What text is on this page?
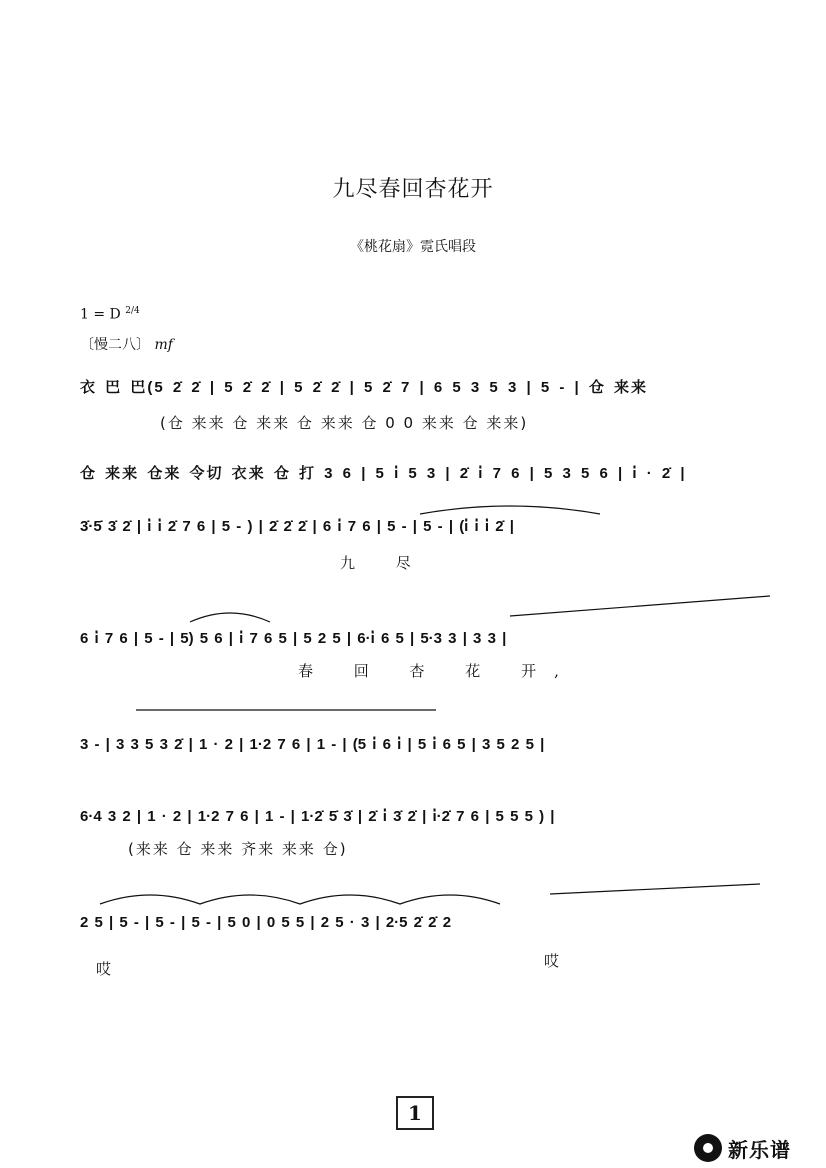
九尽春回杏花开
《桃花扇》霓氏唱段
1 = D $^{2/4}$
〔慢二八〕 mf
衣 巴 巴(5 2̇ 2̇ | 5 2̇ 2̇ | 5 2̇ 2̇ | 5 2̇ 7 | 6 5 3 5 3 | 5 - | 仓 来来
(仓 来来 仓 来来 仓 来来 仓 0 0 来来 仓 来来)
仓 来来 仓来 令切 衣来 仓 打 3 6 | 5 i̇ 5 3 | 2̇ i̇ 7 6 | 5 3 5 6 | i̇ · 2̇ |
3̇·5̇ 3̇ 2̇ | i̇ i̇ 2̇ 7 6 | 5 - ) | 2̇ 2̇ 2̇ | 6 i̇ 7 6 | 5 - | 5 - | (i̇ i̇ i̇ 2̇ |
九 尽
6 i̇ 7 6 | 5 - | 5) 5 6 | i̇ 7 6 5 | 5 2 5 | 6·i̇ 6 5 | 5·3 3 | 3 3 |
春 回 杏 花 开,
3 - | 3 3 5 3 2̇ | 1 · 2 | 1·2 7 6 | 1 - | (5 i̇ 6 i̇ | 5 i̇ 6 5 | 3 5 2 5 |
6·4 3 2 | 1 · 2 | 1·2 7 6 | 1 - | 1·2̇ 5̇ 3̇ | 2̇ i̇ 3̇ 2̇ | i̇·2̇ 7 6 | 5 5 5 ) |
(来来 仓 来来 齐来 来来 仓)
2 5 | 5 - | 5 - | 5 - | 5 0 | 0 5 5 | 2 5 · 3 | 2·5 2̇ 2̇ 2
哎	哎
1
新乐谱
